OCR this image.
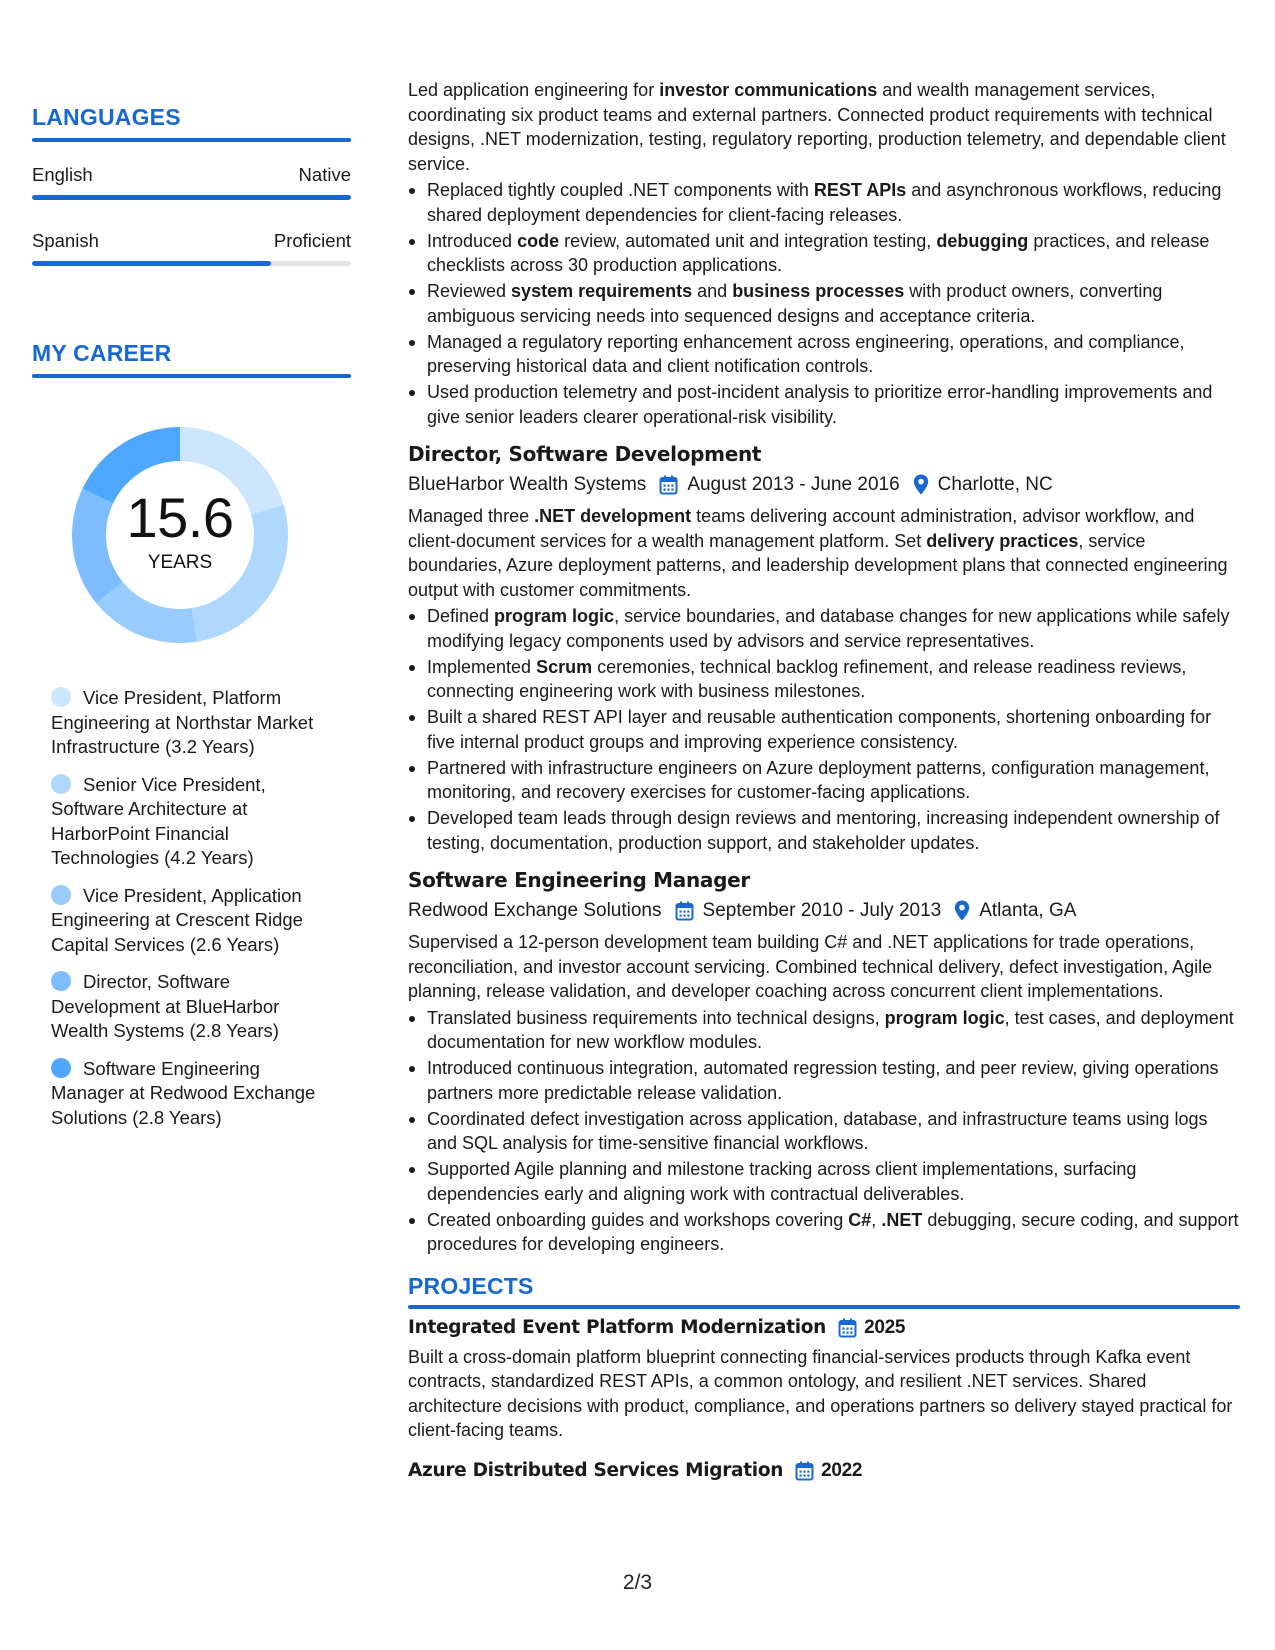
LANGUAGES
English	Native
Spanish	Proficient
MY CAREER
15.6
YEARS
Vice President, Platform Engineering at Northstar Market Infrastructure (3.2 Years)
Senior Vice President, Software Architecture at HarborPoint Financial Technologies (4.2 Years)
Vice President, Application Engineering at Crescent Ridge Capital Services (2.6 Years)
Director, Software Development at BlueHarbor Wealth Systems (2.8 Years)
Software Engineering Manager at Redwood Exchange Solutions (2.8 Years)

Led application engineering for investor communications and wealth management services, coordinating six product teams and external partners. Connected product requirements with technical designs, .NET modernization, testing, regulatory reporting, production telemetry, and dependable client service.

Replaced tightly coupled .NET components with REST APIs and asynchronous workflows, reducing shared deployment dependencies for client-facing releases.
Introduced code review, automated unit and integration testing, debugging practices, and release checklists across 30 production applications.
Reviewed system requirements and business processes with product owners, converting ambiguous servicing needs into sequenced designs and acceptance criteria.
Managed a regulatory reporting enhancement across engineering, operations, and compliance, preserving historical data and client notification controls.
Used production telemetry and post-incident analysis to prioritize error-handling improvements and give senior leaders clearer operational-risk visibility.
Director, Software Development
BlueHarbor Wealth Systems August 2013 - June 2016 Charlotte, NC

Managed three .NET development teams delivering account administration, advisor workflow, and client-document services for a wealth management platform. Set delivery practices, service boundaries, Azure deployment patterns, and leadership development plans that connected engineering output with customer commitments.

Defined program logic, service boundaries, and database changes for new applications while safely modifying legacy components used by advisors and service representatives.
Implemented Scrum ceremonies, technical backlog refinement, and release readiness reviews, connecting engineering work with business milestones.
Built a shared REST API layer and reusable authentication components, shortening onboarding for five internal product groups and improving experience consistency.
Partnered with infrastructure engineers on Azure deployment patterns, configuration management, monitoring, and recovery exercises for customer-facing applications.
Developed team leads through design reviews and mentoring, increasing independent ownership of testing, documentation, production support, and stakeholder updates.
Software Engineering Manager
Redwood Exchange Solutions September 2010 - July 2013 Atlanta, GA

Supervised a 12-person development team building C# and .NET applications for trade operations, reconciliation, and investor account servicing. Combined technical delivery, defect investigation, Agile planning, release validation, and developer coaching across concurrent client implementations.

Translated business requirements into technical designs, program logic, test cases, and deployment documentation for new workflow modules.
Introduced continuous integration, automated regression testing, and peer review, giving operations partners more predictable release validation.
Coordinated defect investigation across application, database, and infrastructure teams using logs and SQL analysis for time-sensitive financial workflows.
Supported Agile planning and milestone tracking across client implementations, surfacing dependencies early and aligning work with contractual deliverables.
Created onboarding guides and workshops covering C#, .NET debugging, secure coding, and support procedures for developing engineers.
PROJECTS
Integrated Event Platform Modernization 2025

Built a cross-domain platform blueprint connecting financial-services products through Kafka event contracts, standardized REST APIs, a common ontology, and resilient .NET services. Shared architecture decisions with product, compliance, and operations partners so delivery stayed practical for client-facing teams.

Azure Distributed Services Migration 2022
2/3
